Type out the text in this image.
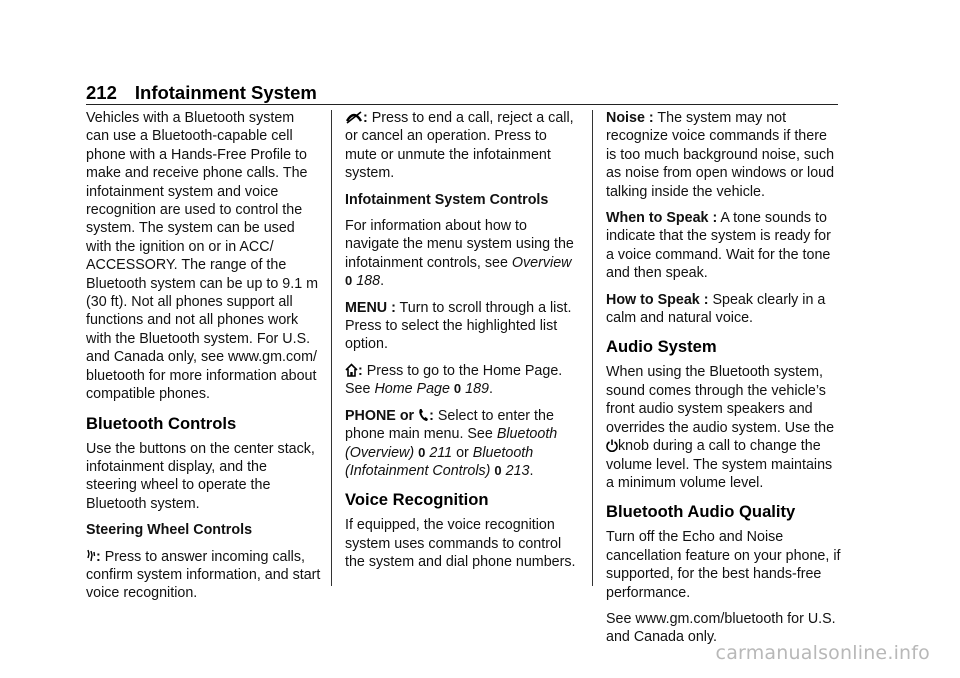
212 Infotainment System

Vehicles with a Bluetooth system can use a Bluetooth-capable cell phone with a Hands-Free Profile to make and receive phone calls. The infotainment system and voice recognition are used to control the system. The system can be used with the ignition on or in ACC/ ACCESSORY. The range of the Bluetooth system can be up to 9.1 m (30 ft). Not all phones support all functions and not all phones work with the Bluetooth system. For U.S. and Canada only, see www.gm.com/ bluetooth for more information about compatible phones.

Bluetooth Controls

Use the buttons on the center stack, infotainment display, and the steering wheel to operate the Bluetooth system.

Steering Wheel Controls

: Press to answer incoming calls, confirm system information, and start voice recognition.

: Press to end a call, reject a call, or cancel an operation. Press to mute or unmute the infotainment system.

Infotainment System Controls

For information about how to navigate the menu system using the infotainment controls, see Overview 0 188.

MENU : Turn to scroll through a list. Press to select the highlighted list option.

: Press to go to the Home Page. See Home Page 0 189.

PHONE or : Select to enter the phone main menu. See Bluetooth (Overview) 0 211 or Bluetooth (Infotainment Controls) 0 213.

Voice Recognition

If equipped, the voice recognition system uses commands to control the system and dial phone numbers.

Noise : The system may not recognize voice commands if there is too much background noise, such as noise from open windows or loud talking inside the vehicle.

When to Speak : A tone sounds to indicate that the system is ready for a voice command. Wait for the tone and then speak.

How to Speak : Speak clearly in a calm and natural voice.

Audio System

When using the Bluetooth system, sound comes through the vehicle’s front audio system speakers and overrides the audio system. Use the knob during a call to change the volume level. The system maintains a minimum volume level.

Bluetooth Audio Quality

Turn off the Echo and Noise cancellation feature on your phone, if supported, for the best hands-free performance.

See www.gm.com/bluetooth for U.S. and Canada only.

carmanualsonline.info
